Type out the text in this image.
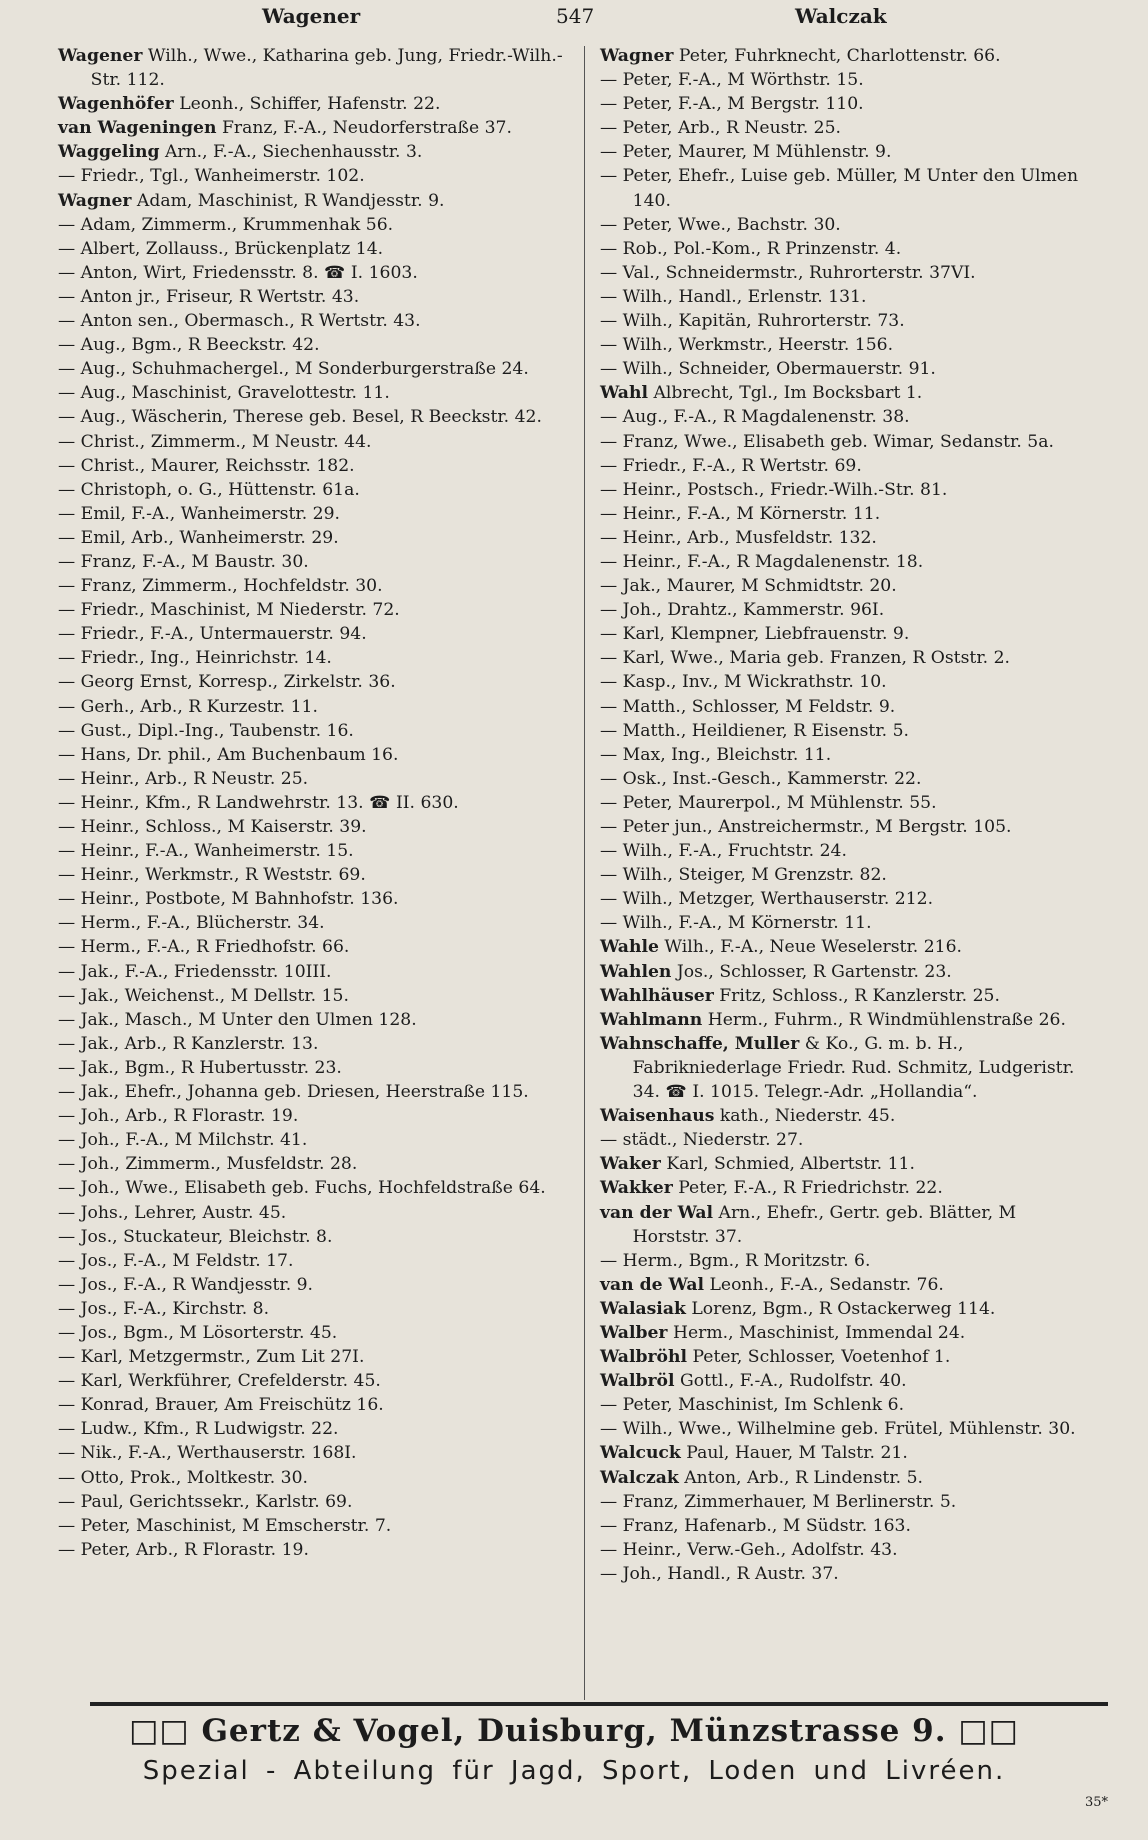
Wagener	547	Walczak
Wagener Wilh., Wwe., Katharina geb. Jung, Friedr.-Wilh.-Str. 112.
Wagenhöfer Leonh., Schiffer, Hafenstr. 22.
van Wageningen Franz, F.-A., Neudorferstraße 37.
Waggeling Arn., F.-A., Siechenhausstr. 3.
— Friedr., Tgl., Wanheimerstr. 102.
Wagner Adam, Maschinist, R Wandjesstr. 9.
— Adam, Zimmerm., Krummenhak 56.
— Albert, Zollauss., Brückenplatz 14.
— Anton, Wirt, Friedensstr. 8. ☎ I. 1603.
— Anton jr., Friseur, R Wertstr. 43.
— Anton sen., Obermasch., R Wertstr. 43.
— Aug., Bgm., R Beeckstr. 42.
— Aug., Schuhmachergel., M Sonderburgerstraße 24.
— Aug., Maschinist, Gravelottestr. 11.
— Aug., Wäscherin, Therese geb. Besel, R Beeckstr. 42.
— Christ., Zimmerm., M Neustr. 44.
— Christ., Maurer, Reichsstr. 182.
— Christoph, o. G., Hüttenstr. 61a.
— Emil, F.-A., Wanheimerstr. 29.
— Emil, Arb., Wanheimerstr. 29.
— Franz, F.-A., M Baustr. 30.
— Franz, Zimmerm., Hochfeldstr. 30.
— Friedr., Maschinist, M Niederstr. 72.
— Friedr., F.-A., Untermauerstr. 94.
— Friedr., Ing., Heinrichstr. 14.
— Georg Ernst, Korresp., Zirkelstr. 36.
— Gerh., Arb., R Kurzestr. 11.
— Gust., Dipl.-Ing., Taubenstr. 16.
— Hans, Dr. phil., Am Buchenbaum 16.
— Heinr., Arb., R Neustr. 25.
— Heinr., Kfm., R Landwehrstr. 13. ☎ II. 630.
— Heinr., Schloss., M Kaiserstr. 39.
— Heinr., F.-A., Wanheimerstr. 15.
— Heinr., Werkmstr., R Weststr. 69.
— Heinr., Postbote, M Bahnhofstr. 136.
— Herm., F.-A., Blücherstr. 34.
— Herm., F.-A., R Friedhofstr. 66.
— Jak., F.-A., Friedensstr. 10III.
— Jak., Weichenst., M Dellstr. 15.
— Jak., Masch., M Unter den Ulmen 128.
— Jak., Arb., R Kanzlerstr. 13.
— Jak., Bgm., R Hubertusstr. 23.
— Jak., Ehefr., Johanna geb. Driesen, Heerstraße 115.
— Joh., Arb., R Florastr. 19.
— Joh., F.-A., M Milchstr. 41.
— Joh., Zimmerm., Musfeldstr. 28.
— Joh., Wwe., Elisabeth geb. Fuchs, Hochfeldstraße 64.
— Johs., Lehrer, Austr. 45.
— Jos., Stuckateur, Bleichstr. 8.
— Jos., F.-A., M Feldstr. 17.
— Jos., F.-A., R Wandjesstr. 9.
— Jos., F.-A., Kirchstr. 8.
— Jos., Bgm., M Lösorterstr. 45.
— Karl, Metzgermstr., Zum Lit 27I.
— Karl, Werkführer, Crefelderstr. 45.
— Konrad, Brauer, Am Freischütz 16.
— Ludw., Kfm., R Ludwigstr. 22.
— Nik., F.-A., Werthauserstr. 168I.
— Otto, Prok., Moltkestr. 30.
— Paul, Gerichtssekr., Karlstr. 69.
— Peter, Maschinist, M Emscherstr. 7.
— Peter, Arb., R Florastr. 19.
Wagner Peter, Fuhrknecht, Charlottenstr. 66.
— Peter, F.-A., M Wörthstr. 15.
— Peter, F.-A., M Bergstr. 110.
— Peter, Arb., R Neustr. 25.
— Peter, Maurer, M Mühlenstr. 9.
— Peter, Ehefr., Luise geb. Müller, M Unter den Ulmen 140.
— Peter, Wwe., Bachstr. 30.
— Rob., Pol.-Kom., R Prinzenstr. 4.
— Val., Schneidermstr., Ruhrorterstr. 37VI.
— Wilh., Handl., Erlenstr. 131.
— Wilh., Kapitän, Ruhrorterstr. 73.
— Wilh., Werkmstr., Heerstr. 156.
— Wilh., Schneider, Obermauerstr. 91.
Wahl Albrecht, Tgl., Im Bocksbart 1.
— Aug., F.-A., R Magdalenenstr. 38.
— Franz, Wwe., Elisabeth geb. Wimar, Sedanstr. 5a.
— Friedr., F.-A., R Wertstr. 69.
— Heinr., Postsch., Friedr.-Wilh.-Str. 81.
— Heinr., F.-A., M Körnerstr. 11.
— Heinr., Arb., Musfeldstr. 132.
— Heinr., F.-A., R Magdalenenstr. 18.
— Jak., Maurer, M Schmidtstr. 20.
— Joh., Drahtz., Kammerstr. 96I.
— Karl, Klempner, Liebfrauenstr. 9.
— Karl, Wwe., Maria geb. Franzen, R Oststr. 2.
— Kasp., Inv., M Wickrathstr. 10.
— Matth., Schlosser, M Feldstr. 9.
— Matth., Heildiener, R Eisenstr. 5.
— Max, Ing., Bleichstr. 11.
— Osk., Inst.-Gesch., Kammerstr. 22.
— Peter, Maurerpol., M Mühlenstr. 55.
— Peter jun., Anstreichermstr., M Bergstr. 105.
— Wilh., F.-A., Fruchtstr. 24.
— Wilh., Steiger, M Grenzstr. 82.
— Wilh., Metzger, Werthauserstr. 212.
— Wilh., F.-A., M Körnerstr. 11.
Wahle Wilh., F.-A., Neue Weselerstr. 216.
Wahlen Jos., Schlosser, R Gartenstr. 23.
Wahlhäuser Fritz, Schloss., R Kanzlerstr. 25.
Wahlmann Herm., Fuhrm., R Windmühlenstraße 26.
Wahnschaffe, Muller & Ko., G. m. b. H., Fabrikniederlage Friedr. Rud. Schmitz, Ludgeristr. 34. ☎ I. 1015. Telegr.-Adr. „Hollandia“.
Waisenhaus kath., Niederstr. 45.
— städt., Niederstr. 27.
Waker Karl, Schmied, Albertstr. 11.
Wakker Peter, F.-A., R Friedrichstr. 22.
van der Wal Arn., Ehefr., Gertr. geb. Blätter, M Horststr. 37.
— Herm., Bgm., R Moritzstr. 6.
van de Wal Leonh., F.-A., Sedanstr. 76.
Walasiak Lorenz, Bgm., R Ostackerweg 114.
Walber Herm., Maschinist, Immendal 24.
Walbröhl Peter, Schlosser, Voetenhof 1.
Walbröl Gottl., F.-A., Rudolfstr. 40.
— Peter, Maschinist, Im Schlenk 6.
— Wilh., Wwe., Wilhelmine geb. Frütel, Mühlenstr. 30.
Walcuck Paul, Hauer, M Talstr. 21.
Walczak Anton, Arb., R Lindenstr. 5.
— Franz, Zimmerhauer, M Berlinerstr. 5.
— Franz, Hafenarb., M Südstr. 163.
— Heinr., Verw.-Geh., Adolfstr. 43.
— Joh., Handl., R Austr. 37.
□□ Gertz & Vogel, Duisburg, Münzstrasse 9. □□
Spezial - Abteilung für Jagd, Sport, Loden und Livréen.
35*
